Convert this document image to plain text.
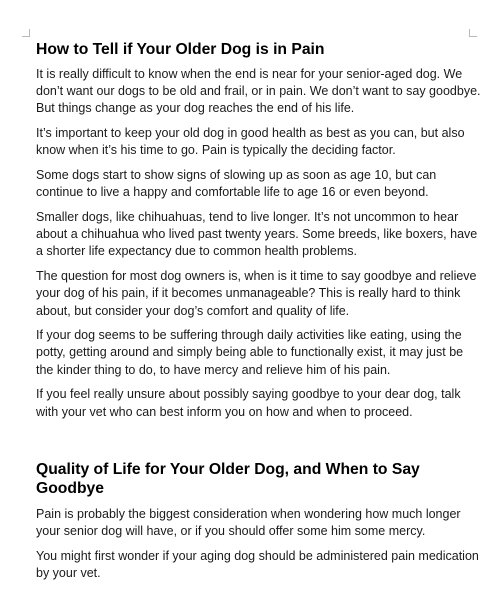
How to Tell if Your Older Dog is in Pain

It is really difficult to know when the end is near for your senior-aged dog. We
don’t want our dogs to be old and frail, or in pain. We don’t want to say goodbye.
But things change as your dog reaches the end of his life.

It’s important to keep your old dog in good health as best as you can, but also
know when it’s his time to go. Pain is typically the deciding factor.

Some dogs start to show signs of slowing up as soon as age 10, but can
continue to live a happy and comfortable life to age 16 or even beyond.

Smaller dogs, like chihuahuas, tend to live longer. It’s not uncommon to hear
about a chihuahua who lived past twenty years. Some breeds, like boxers, have
a shorter life expectancy due to common health problems.

The question for most dog owners is, when is it time to say goodbye and relieve
your dog of his pain, if it becomes unmanageable? This is really hard to think
about, but consider your dog’s comfort and quality of life.

If your dog seems to be suffering through daily activities like eating, using the
potty, getting around and simply being able to functionally exist, it may just be
the kinder thing to do, to have mercy and relieve him of his pain.

If you feel really unsure about possibly saying goodbye to your dear dog, talk
with your vet who can best inform you on how and when to proceed.

Quality of Life for Your Older Dog, and When to Say
Goodbye

Pain is probably the biggest consideration when wondering how much longer
your senior dog will have, or if you should offer some him some mercy.

You might first wonder if your aging dog should be administered pain medication
by your vet.
